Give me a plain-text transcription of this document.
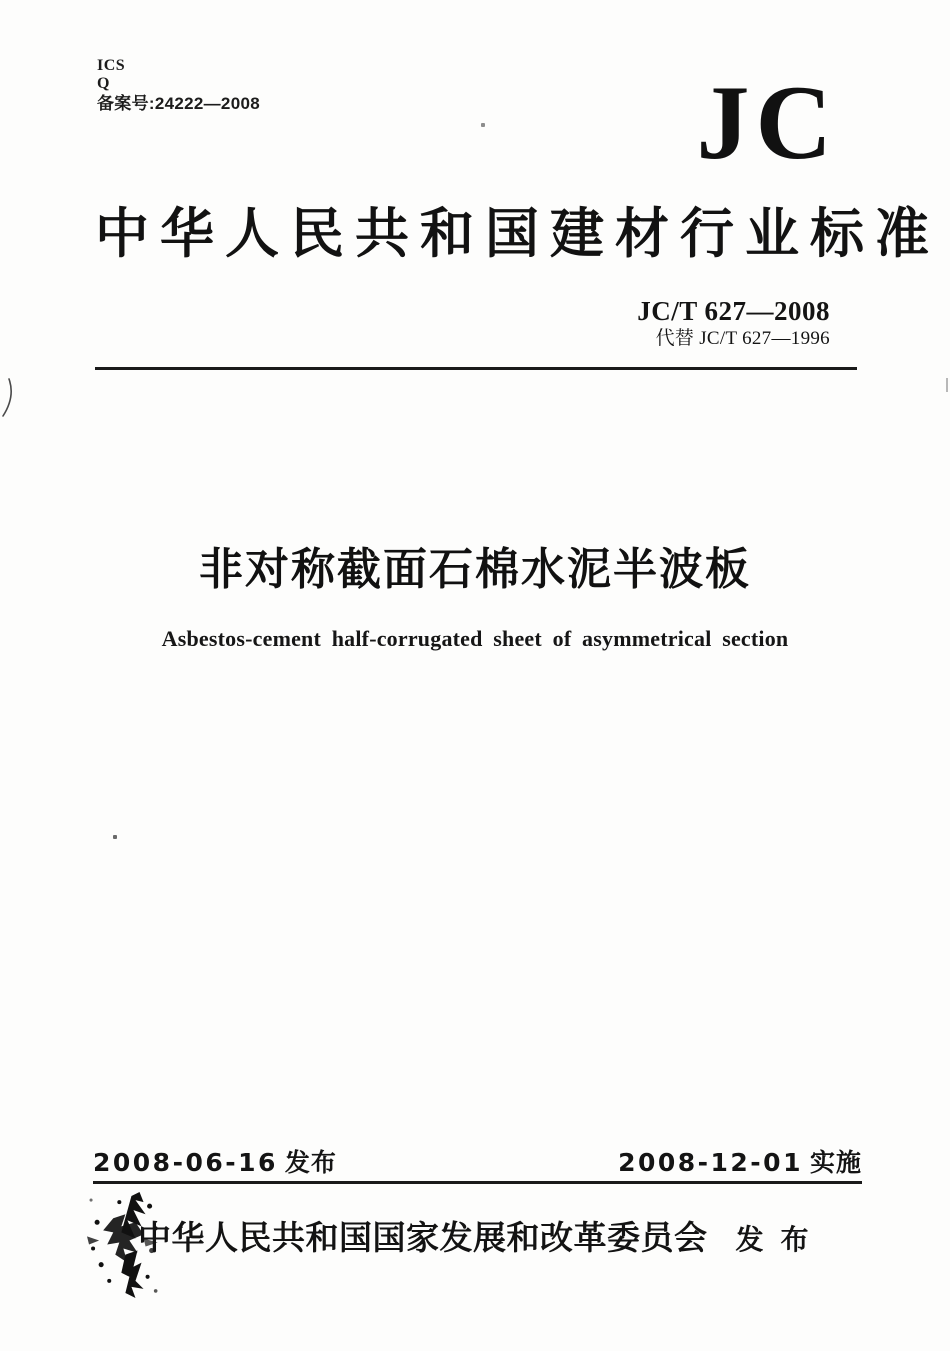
ICS
Q
备案号:24222—2008	JC
中华人民共和国建材行业标准
JC/T 627—2008
代替 JC/T 627—1996
非对称截面石棉水泥半波板
Asbestos-cement half-corrugated sheet of asymmetrical section
2008-06-16 发布	2008-12-01 实施
中华人民共和国国家发展和改革委员会 发布
